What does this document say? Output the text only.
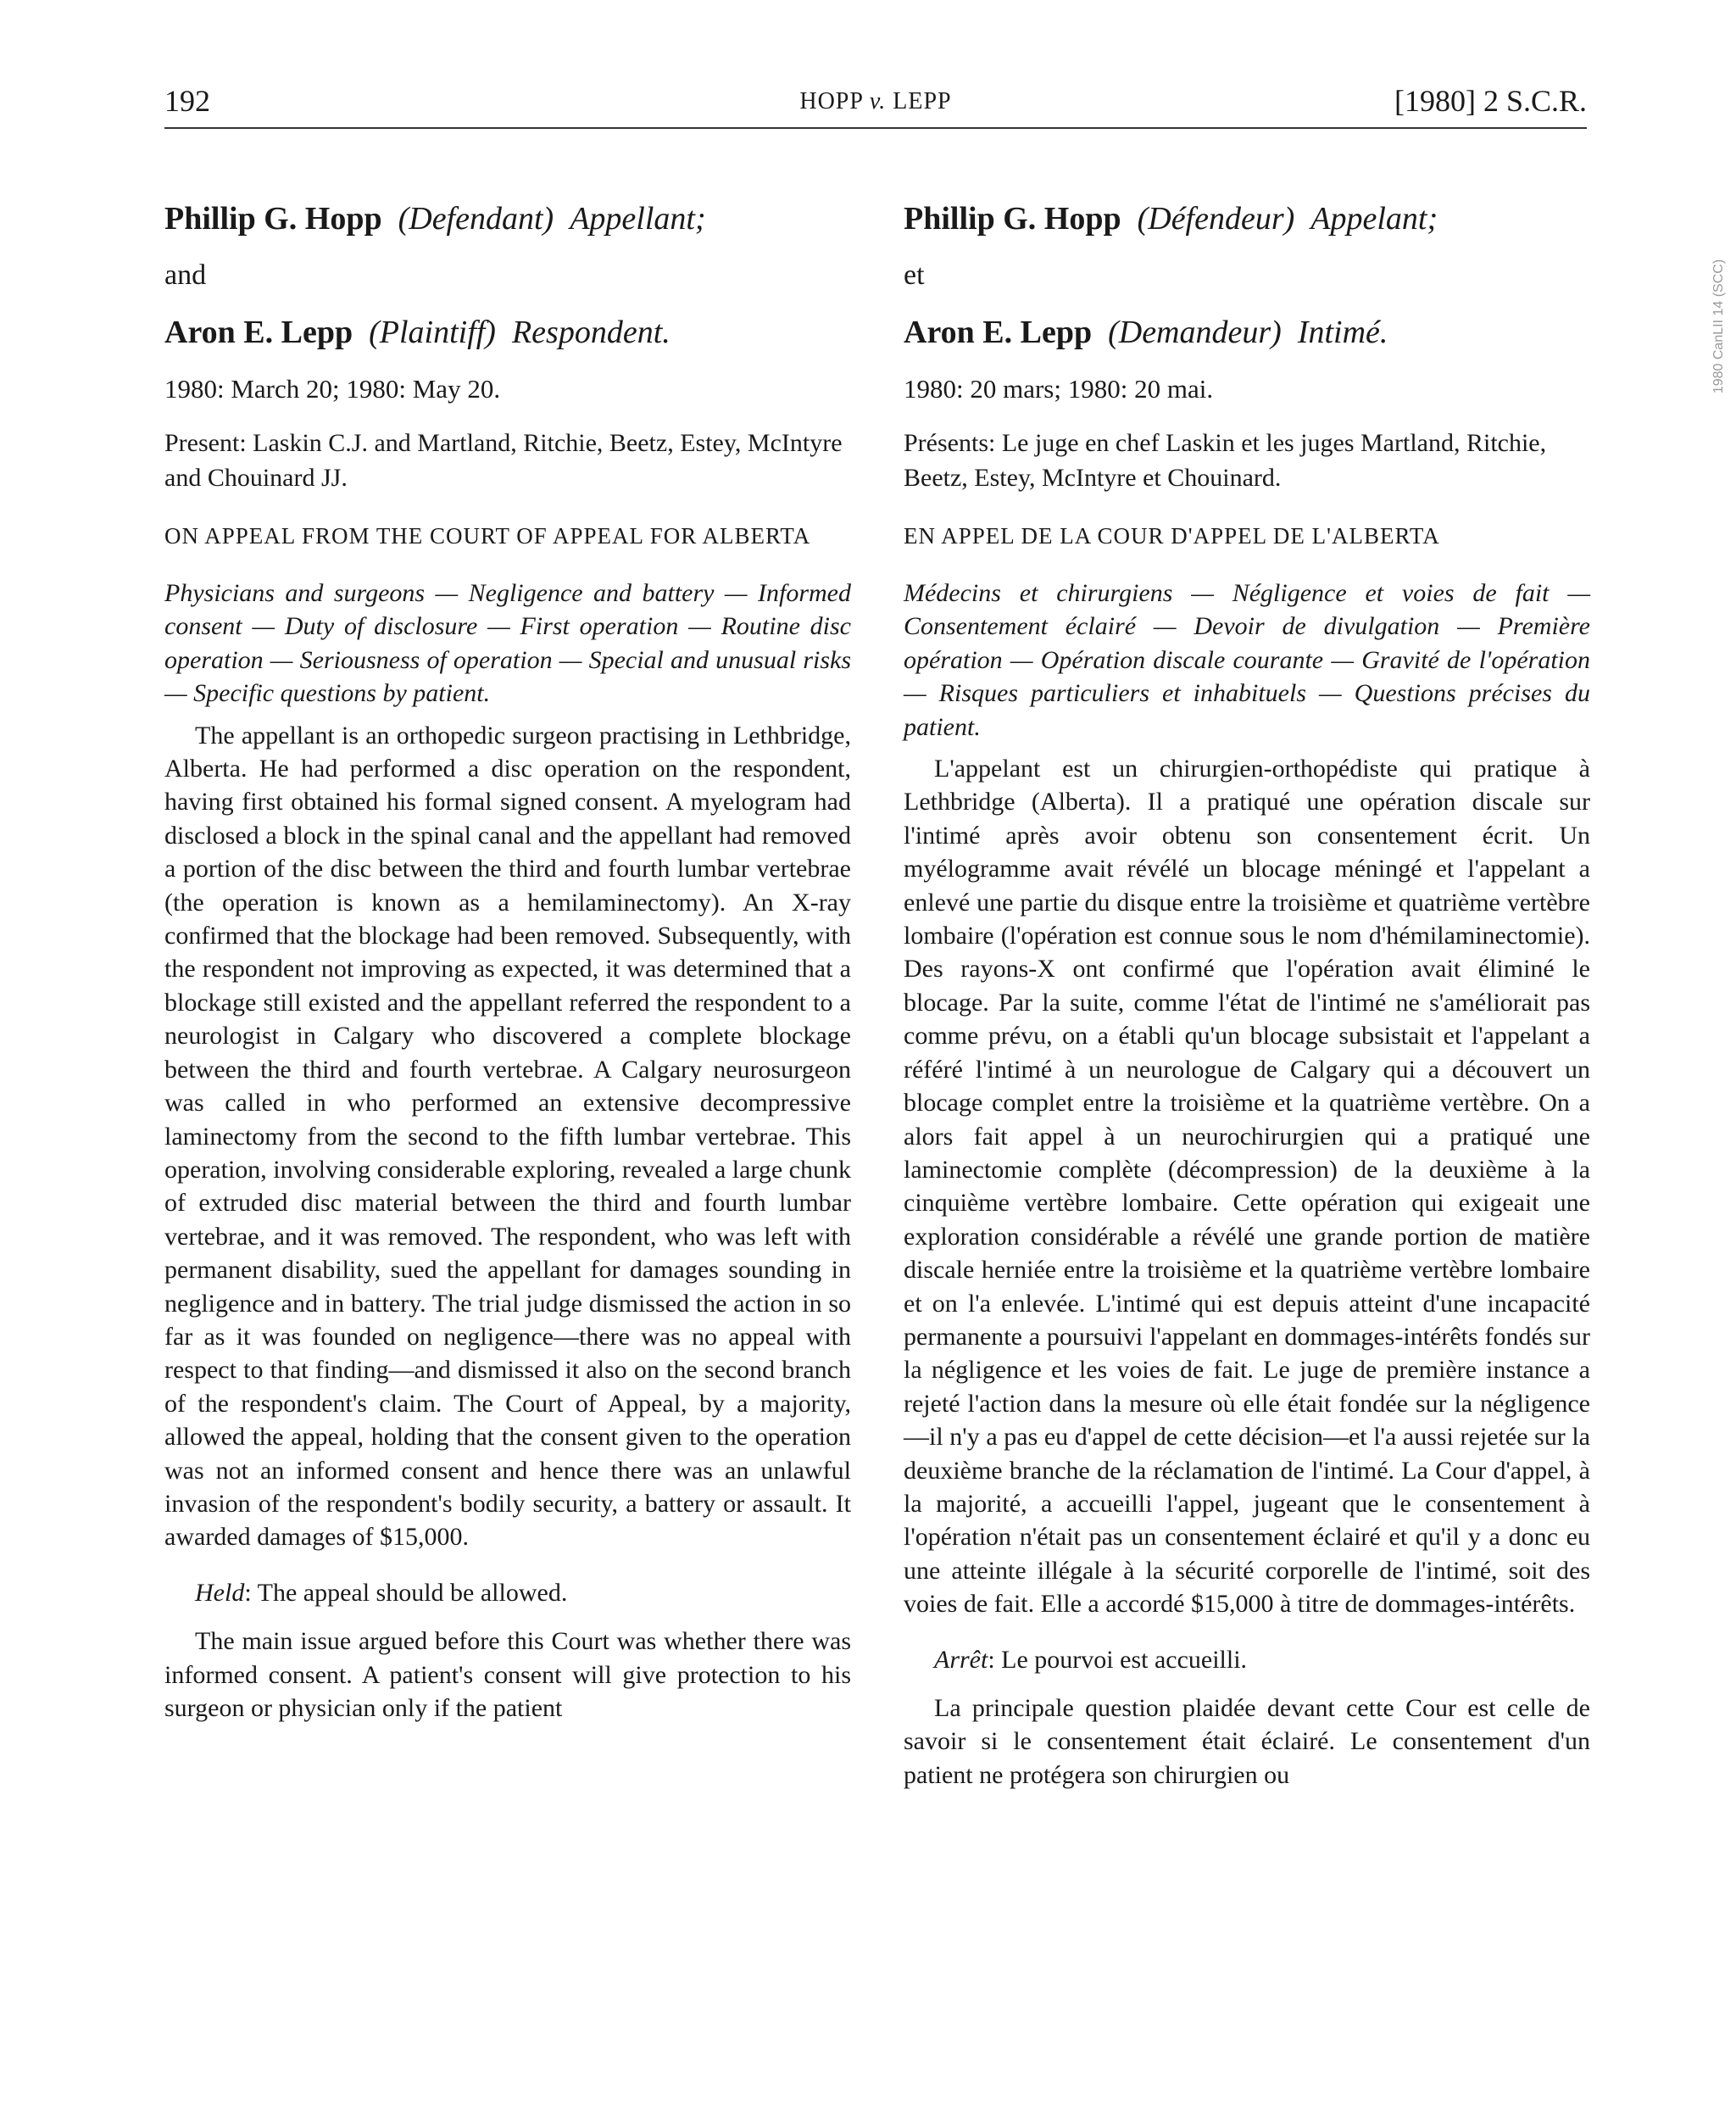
192	HOPP v. LEPP	[1980] 2 S.C.R.
1980 CanLII 14 (SCC)

Phillip G. Hopp (Defendant) Appellant;

and

Aron E. Lepp (Plaintiff) Respondent.

1980: March 20; 1980: May 20.

Present: Laskin C.J. and Martland, Ritchie, Beetz, Estey, McIntyre and Chouinard JJ.

ON APPEAL FROM THE COURT OF APPEAL FOR ALBERTA

Physicians and surgeons — Negligence and battery — Informed consent — Duty of disclosure — First operation — Routine disc operation — Seriousness of operation — Special and unusual risks — Specific questions by patient.

The appellant is an orthopedic surgeon practising in Lethbridge, Alberta. He had performed a disc operation on the respondent, having first obtained his formal signed consent. A myelogram had disclosed a block in the spinal canal and the appellant had removed a portion of the disc between the third and fourth lumbar vertebrae (the operation is known as a hemilaminectomy). An X-ray confirmed that the blockage had been removed. Subsequently, with the respondent not improving as expected, it was determined that a blockage still existed and the appellant referred the respondent to a neurologist in Calgary who discovered a complete blockage between the third and fourth vertebrae. A Calgary neurosurgeon was called in who performed an extensive decompressive laminectomy from the second to the fifth lumbar vertebrae. This operation, involving considerable exploring, revealed a large chunk of extruded disc material between the third and fourth lumbar vertebrae, and it was removed. The respondent, who was left with permanent disability, sued the appellant for damages sounding in negligence and in battery. The trial judge dismissed the action in so far as it was founded on negligence—there was no appeal with respect to that finding—and dismissed it also on the second branch of the respondent's claim. The Court of Appeal, by a majority, allowed the appeal, holding that the consent given to the operation was not an informed consent and hence there was an unlawful invasion of the respondent's bodily security, a battery or assault. It awarded damages of $15,000.

Held: The appeal should be allowed.

The main issue argued before this Court was whether there was informed consent. A patient's consent will give protection to his surgeon or physician only if the patient

Phillip G. Hopp (Défendeur) Appelant;

et

Aron E. Lepp (Demandeur) Intimé.

1980: 20 mars; 1980: 20 mai.

Présents: Le juge en chef Laskin et les juges Martland, Ritchie, Beetz, Estey, McIntyre et Chouinard.

EN APPEL DE LA COUR D'APPEL DE L'ALBERTA

Médecins et chirurgiens — Négligence et voies de fait — Consentement éclairé — Devoir de divulgation — Première opération — Opération discale courante — Gravité de l'opération — Risques particuliers et inhabituels — Questions précises du patient.

L'appelant est un chirurgien-orthopédiste qui pratique à Lethbridge (Alberta). Il a pratiqué une opération discale sur l'intimé après avoir obtenu son consentement écrit. Un myélogramme avait révélé un blocage méningé et l'appelant a enlevé une partie du disque entre la troisième et quatrième vertèbre lombaire (l'opération est connue sous le nom d'hémilaminectomie). Des rayons-X ont confirmé que l'opération avait éliminé le blocage. Par la suite, comme l'état de l'intimé ne s'améliorait pas comme prévu, on a établi qu'un blocage subsistait et l'appelant a référé l'intimé à un neurologue de Calgary qui a découvert un blocage complet entre la troisième et la quatrième vertèbre. On a alors fait appel à un neurochirurgien qui a pratiqué une laminectomie complète (décompression) de la deuxième à la cinquième vertèbre lombaire. Cette opération qui exigeait une exploration considérable a révélé une grande portion de matière discale herniée entre la troisième et la quatrième vertèbre lombaire et on l'a enlevée. L'intimé qui est depuis atteint d'une incapacité permanente a poursuivi l'appelant en dommages-intérêts fondés sur la négligence et les voies de fait. Le juge de première instance a rejeté l'action dans la mesure où elle était fondée sur la négligence—il n'y a pas eu d'appel de cette décision—et l'a aussi rejetée sur la deuxième branche de la réclamation de l'intimé. La Cour d'appel, à la majorité, a accueilli l'appel, jugeant que le consentement à l'opération n'était pas un consentement éclairé et qu'il y a donc eu une atteinte illégale à la sécurité corporelle de l'intimé, soit des voies de fait. Elle a accordé $15,000 à titre de dommages-intérêts.

Arrêt: Le pourvoi est accueilli.

La principale question plaidée devant cette Cour est celle de savoir si le consentement était éclairé. Le consentement d'un patient ne protégera son chirurgien ou
